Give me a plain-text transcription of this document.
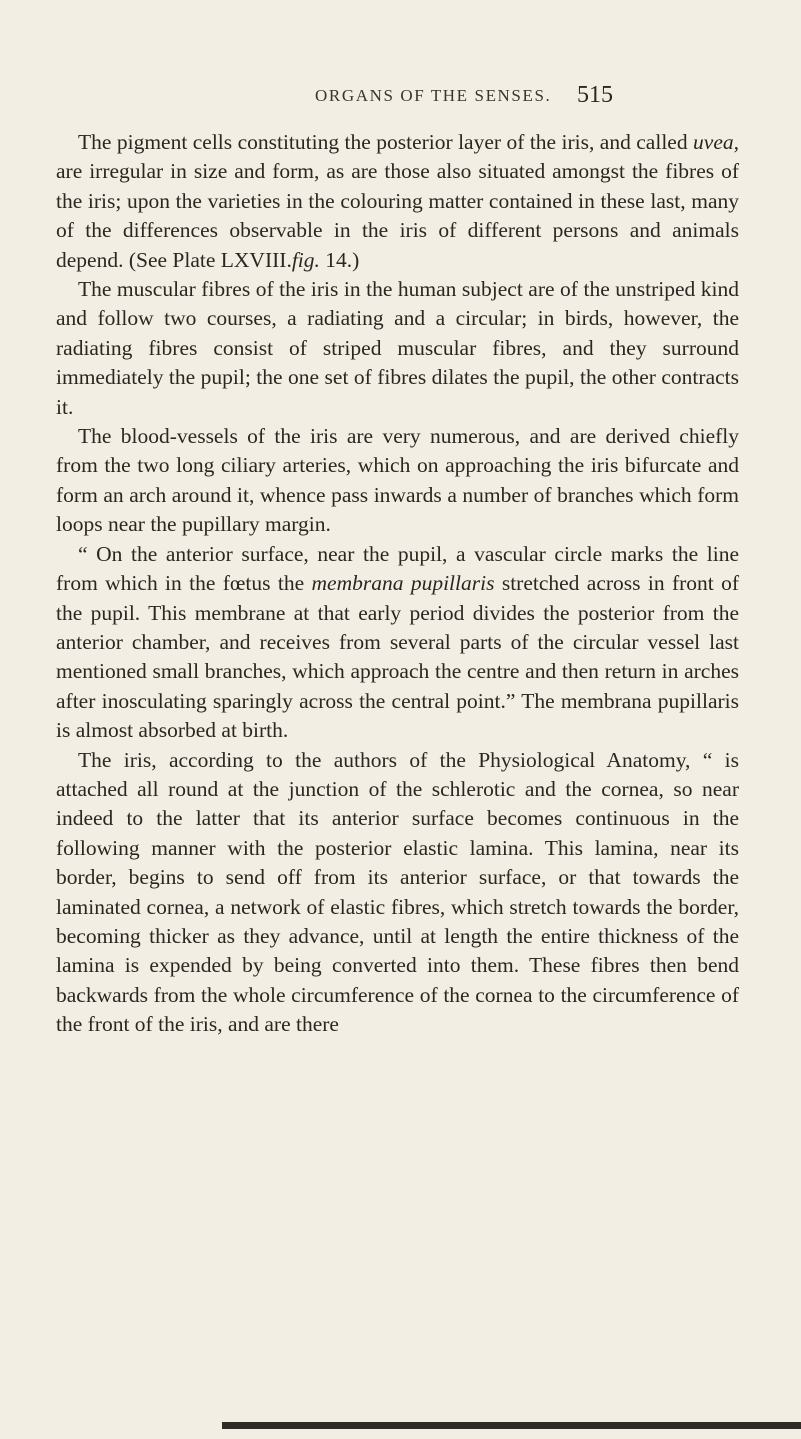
ORGANS OF THE SENSES. 515

The pigment cells constituting the posterior layer of the iris, and called uvea, are irregular in size and form, as are those also situated amongst the fibres of the iris; upon the varieties in the colouring matter contained in these last, many of the differences observable in the iris of different persons and animals depend. (See Plate LXVIII.fig. 14.)

The muscular fibres of the iris in the human subject are of the unstriped kind and follow two courses, a radiating and a circular; in birds, however, the radiating fibres consist of striped muscular fibres, and they surround immediately the pupil; the one set of fibres dilates the pupil, the other contracts it.

The blood-vessels of the iris are very numerous, and are derived chiefly from the two long ciliary arteries, which on approaching the iris bifurcate and form an arch around it, whence pass inwards a number of branches which form loops near the pupillary margin.

“ On the anterior surface, near the pupil, a vascular circle marks the line from which in the fœtus the membrana pupillaris stretched across in front of the pupil. This membrane at that early period divides the posterior from the anterior chamber, and receives from several parts of the circular vessel last mentioned small branches, which approach the centre and then return in arches after inosculating sparingly across the central point.” The membrana pupillaris is almost absorbed at birth.

The iris, according to the authors of the Physiological Anatomy, “ is attached all round at the junction of the schlerotic and the cornea, so near indeed to the latter that its anterior surface becomes continuous in the following manner with the posterior elastic lamina. This lamina, near its border, begins to send off from its anterior surface, or that towards the laminated cornea, a network of elastic fibres, which stretch towards the border, becoming thicker as they advance, until at length the entire thickness of the lamina is expended by being converted into them. These fibres then bend backwards from the whole circumference of the cornea to the circumference of the front of the iris, and are there
